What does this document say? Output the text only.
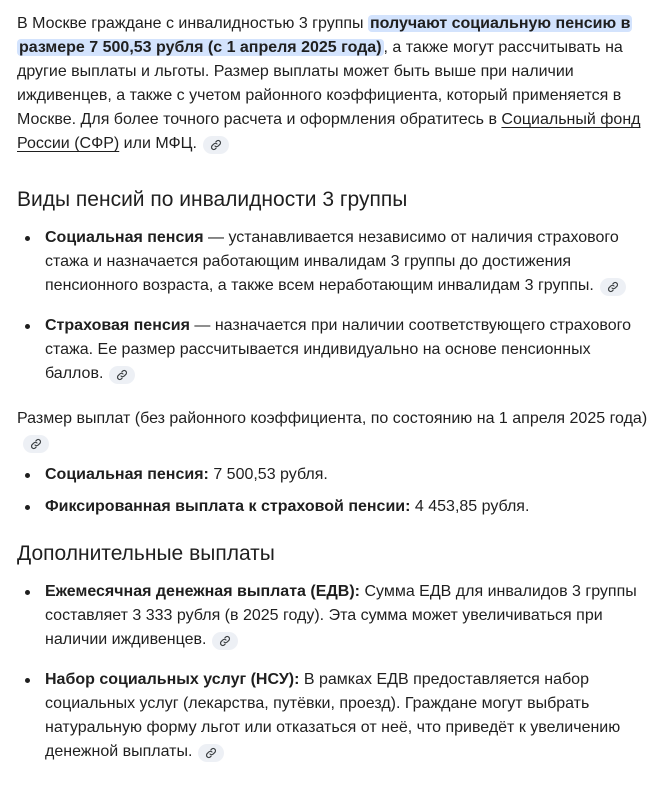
В Москве граждане с инвалидностью 3 группы получают социальную пенсию в размере 7 500,53 рубля (с 1 апреля 2025 года) , а также могут рассчитывать на другие выплаты и льготы. Размер выплаты может быть выше при наличии иждивенцев, а также с учетом районного коэффициента, который применяется в Москве. Для более точного расчета и оформления обратитесь в Социальный фонд России (СФР) или МФЦ.

Виды пенсий по инвалидности 3 группы
Социальная пенсия — устанавливается независимо от наличия страхового стажа и назначается работающим инвалидам 3 группы до достижения пенсионного возраста, а также всем неработающим инвалидам 3 группы.
Страховая пенсия — назначается при наличии соответствующего страхового стажа. Ее размер рассчитывается индивидуально на основе пенсионных баллов.

Размер выплат (без районного коэффициента, по состоянию на 1 апреля 2025 года)

Социальная пенсия: 7 500,53 рубля.
Фиксированная выплата к страховой пенсии: 4 453,85 рубля.
Дополнительные выплаты
Ежемесячная денежная выплата (ЕДВ): Сумма ЕДВ для инвалидов 3 группы составляет 3 333 рубля (в 2025 году). Эта сумма может увеличиваться при наличии иждивенцев.
Набор социальных услуг (НСУ): В рамках ЕДВ предоставляется набор социальных услуг (лекарства, путёвки, проезд). Граждане могут выбрать натуральную форму льгот или отказаться от неё, что приведёт к увеличению денежной выплаты.
